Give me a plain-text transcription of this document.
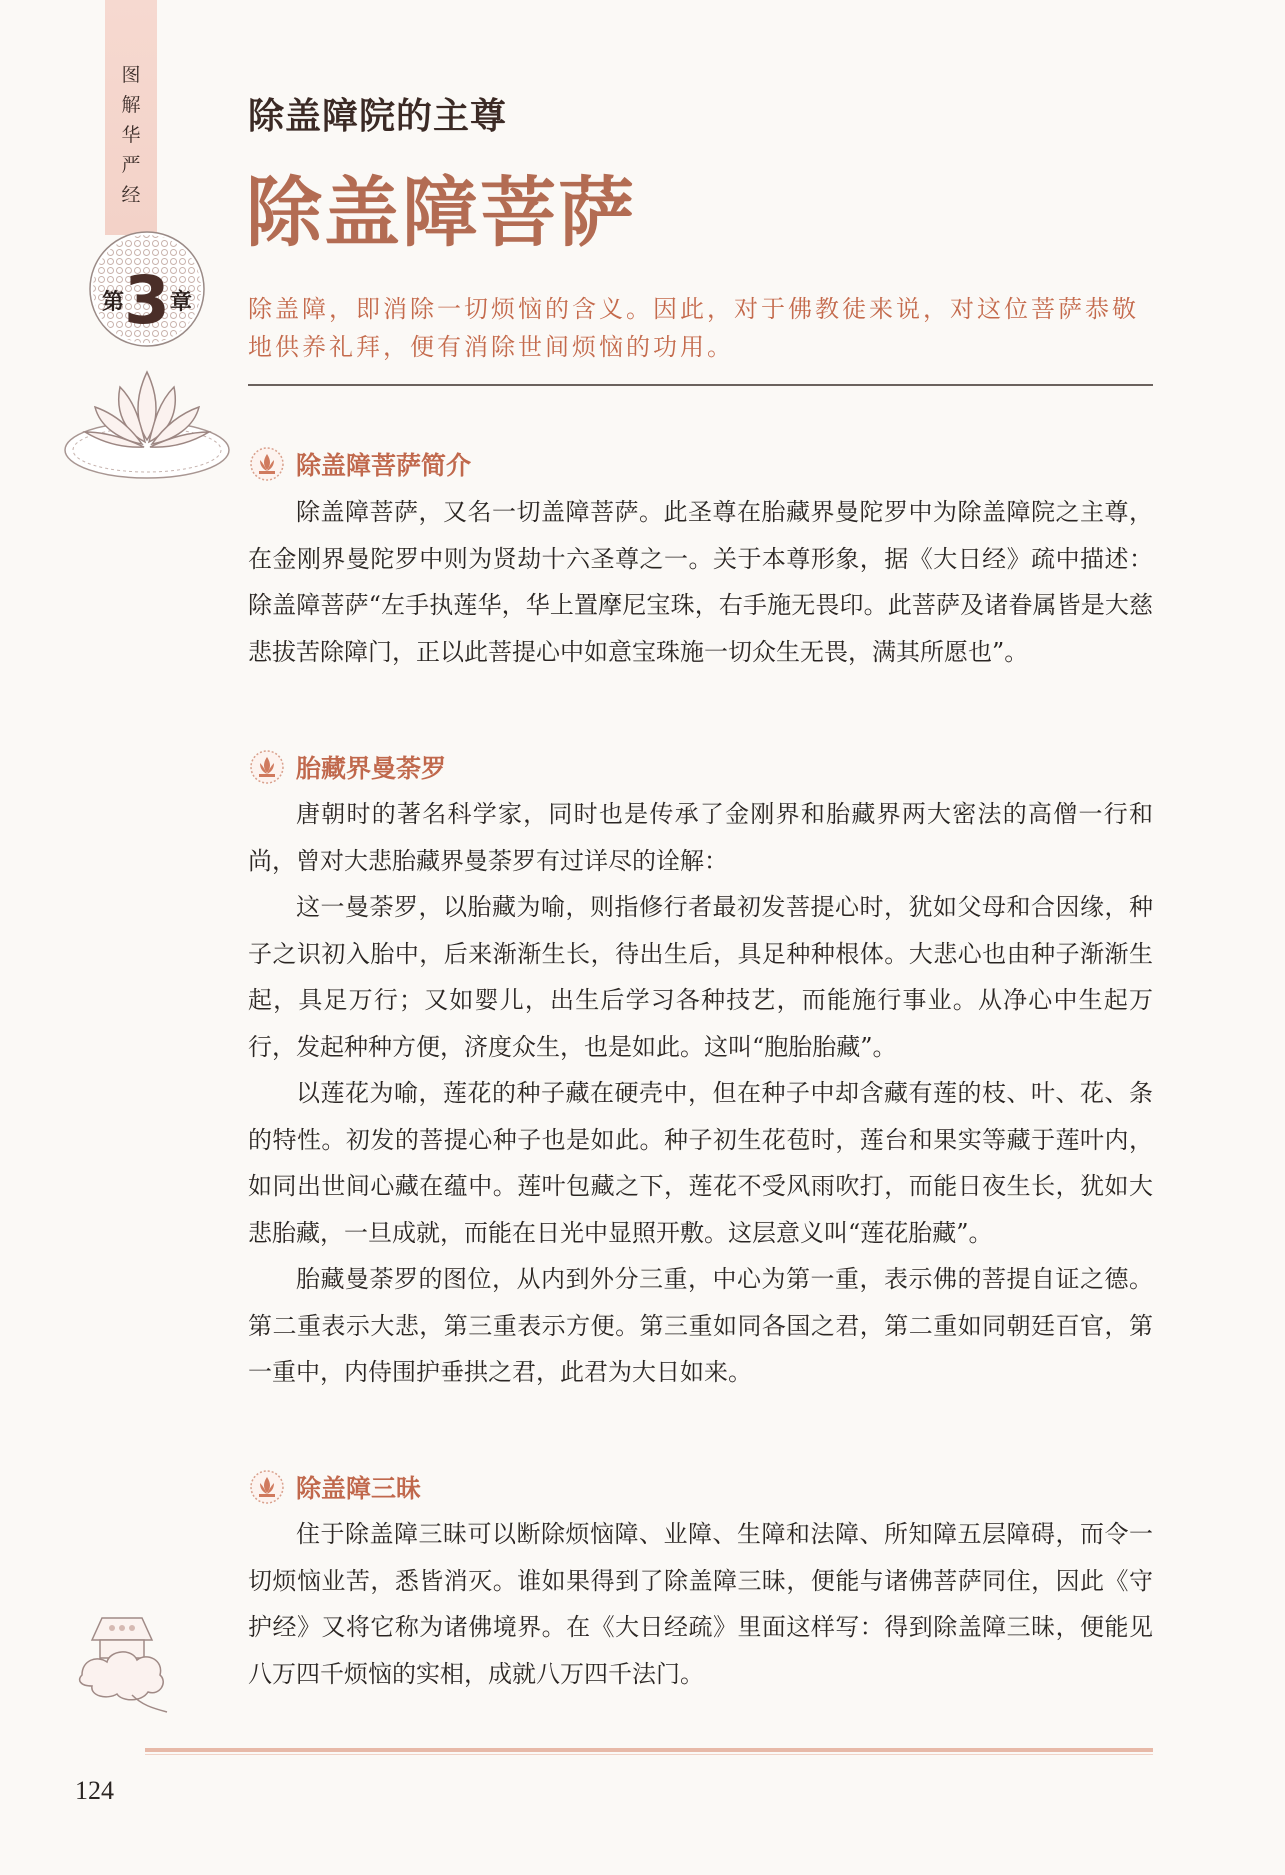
图
解
华
严
经
第3章
除盖障院的主尊
除盖障菩萨
除盖障，即消除一切烦恼的含义。因此，对于佛教徒来说，对这位菩萨恭敬地供养礼拜，便有消除世间烦恼的功用。
除盖障菩萨简介

除盖障菩萨，又名一切盖障菩萨。此圣尊在胎藏界曼陀罗中为除盖障院之主尊，在金刚界曼陀罗中则为贤劫十六圣尊之一。关于本尊形象，据《大日经》疏中描述：除盖障菩萨“左手执莲华，华上置摩尼宝珠，右手施无畏印。此菩萨及诸眷属皆是大慈悲拔苦除障门，正以此菩提心中如意宝珠施一切众生无畏，满其所愿也”。

胎藏界曼荼罗

唐朝时的著名科学家，同时也是传承了金刚界和胎藏界两大密法的高僧一行和尚，曾对大悲胎藏界曼荼罗有过详尽的诠解：

这一曼荼罗，以胎藏为喻，则指修行者最初发菩提心时，犹如父母和合因缘，种子之识初入胎中，后来渐渐生长，待出生后，具足种种根体。大悲心也由种子渐渐生起，具足万行；又如婴儿，出生后学习各种技艺，而能施行事业。从净心中生起万行，发起种种方便，济度众生，也是如此。这叫“胞胎胎藏”。

以莲花为喻，莲花的种子藏在硬壳中，但在种子中却含藏有莲的枝、叶、花、条的特性。初发的菩提心种子也是如此。种子初生花苞时，莲台和果实等藏于莲叶内，如同出世间心藏在蕴中。莲叶包藏之下，莲花不受风雨吹打，而能日夜生长，犹如大悲胎藏，一旦成就，而能在日光中显照开敷。这层意义叫“莲花胎藏”。

胎藏曼荼罗的图位，从内到外分三重，中心为第一重，表示佛的菩提自证之德。第二重表示大悲，第三重表示方便。第三重如同各国之君，第二重如同朝廷百官，第一重中，内侍围护垂拱之君，此君为大日如来。

除盖障三昧

住于除盖障三昧可以断除烦恼障、业障、生障和法障、所知障五层障碍，而令一切烦恼业苦，悉皆消灭。谁如果得到了除盖障三昧，便能与诸佛菩萨同住，因此《守护经》又将它称为诸佛境界。在《大日经疏》里面这样写：得到除盖障三昧，便能见八万四千烦恼的实相，成就八万四千法门。

124
